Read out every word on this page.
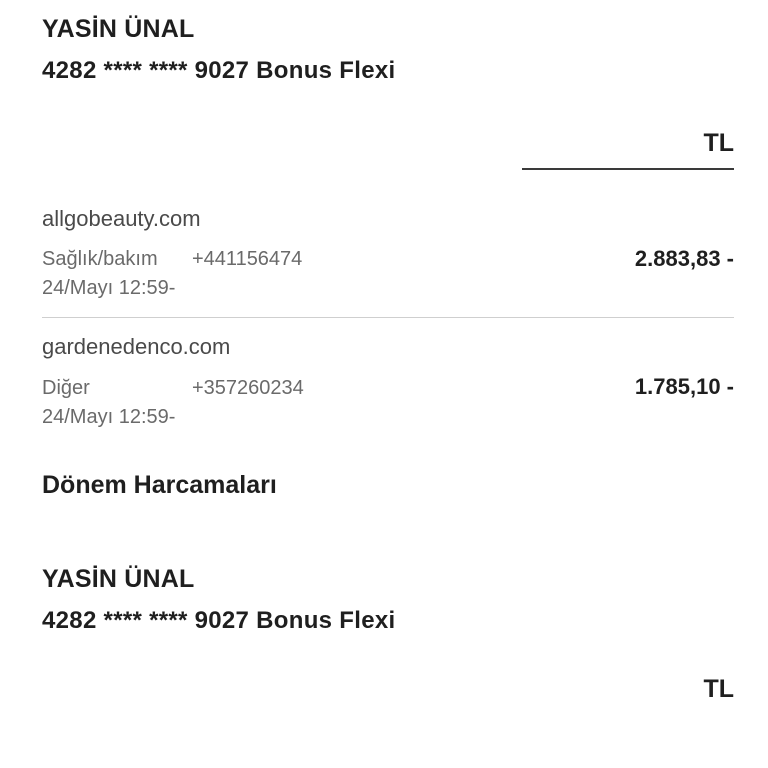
YASİN ÜNAL
4282 **** **** 9027 Bonus Flexi
TL
allgobeauty.com
Sağlık/bakım	+441156474
24/Mayı 12:59-
2.883,83 -
gardenedenco.com
Diğer	+357260234
24/Mayı 12:59-
1.785,10 -
Dönem Harcamaları
YASİN ÜNAL
4282 **** **** 9027 Bonus Flexi
TL
